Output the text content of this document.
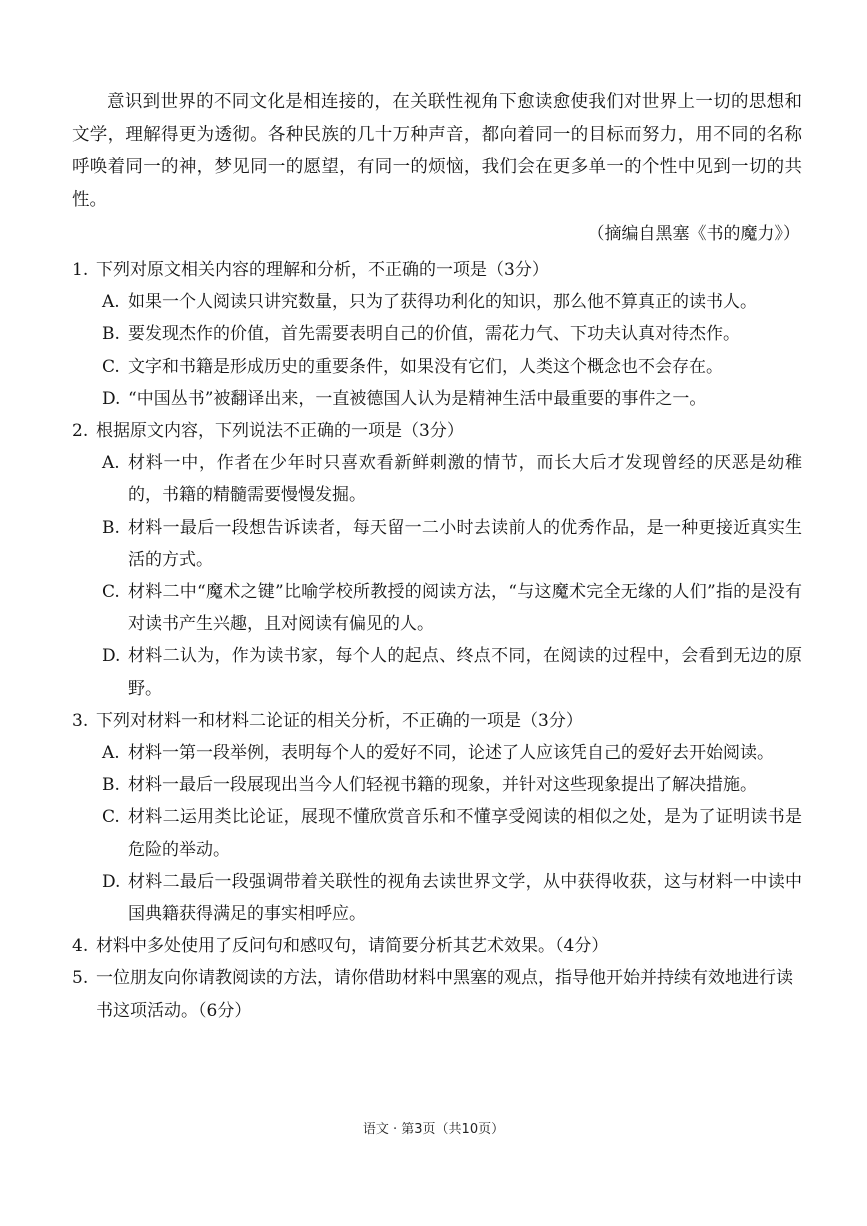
意识到世界的不同文化是相连接的，在关联性视角下愈读愈使我们对世界上一切的思想和文学，理解得更为透彻。各种民族的几十万种声音，都向着同一的目标而努力，用不同的名称呼唤着同一的神，梦见同一的愿望，有同一的烦恼，我们会在更多单一的个性中见到一切的共性。

（摘编自黑塞《书的魔力》）
1. 下列对原文相关内容的理解和分析，不正确的一项是（3分）
A. 如果一个人阅读只讲究数量，只为了获得功利化的知识，那么他不算真正的读书人。
B. 要发现杰作的价值，首先需要表明自己的价值，需花力气、下功夫认真对待杰作。
C. 文字和书籍是形成历史的重要条件，如果没有它们，人类这个概念也不会存在。
D. “中国丛书”被翻译出来，一直被德国人认为是精神生活中最重要的事件之一。
2. 根据原文内容，下列说法不正确的一项是（3分）
A. 材料一中，作者在少年时只喜欢看新鲜刺激的情节，而长大后才发现曾经的厌恶是幼稚的，书籍的精髓需要慢慢发掘。
B. 材料一最后一段想告诉读者，每天留一二小时去读前人的优秀作品，是一种更接近真实生活的方式。
C. 材料二中“魔术之键”比喻学校所教授的阅读方法，“与这魔术完全无缘的人们”指的是没有对读书产生兴趣，且对阅读有偏见的人。
D. 材料二认为，作为读书家，每个人的起点、终点不同，在阅读的过程中，会看到无边的原野。
3. 下列对材料一和材料二论证的相关分析，不正确的一项是（3分）
A. 材料一第一段举例，表明每个人的爱好不同，论述了人应该凭自己的爱好去开始阅读。
B. 材料一最后一段展现出当今人们轻视书籍的现象，并针对这些现象提出了解决措施。
C. 材料二运用类比论证，展现不懂欣赏音乐和不懂享受阅读的相似之处，是为了证明读书是危险的举动。
D. 材料二最后一段强调带着关联性的视角去读世界文学，从中获得收获，这与材料一中读中国典籍获得满足的事实相呼应。
4. 材料中多处使用了反问句和感叹句，请简要分析其艺术效果。（4分）
5. 一位朋友向你请教阅读的方法，请你借助材料中黑塞的观点，指导他开始并持续有效地进行读书这项活动。（6分）
语文 · 第3页（共10页）
